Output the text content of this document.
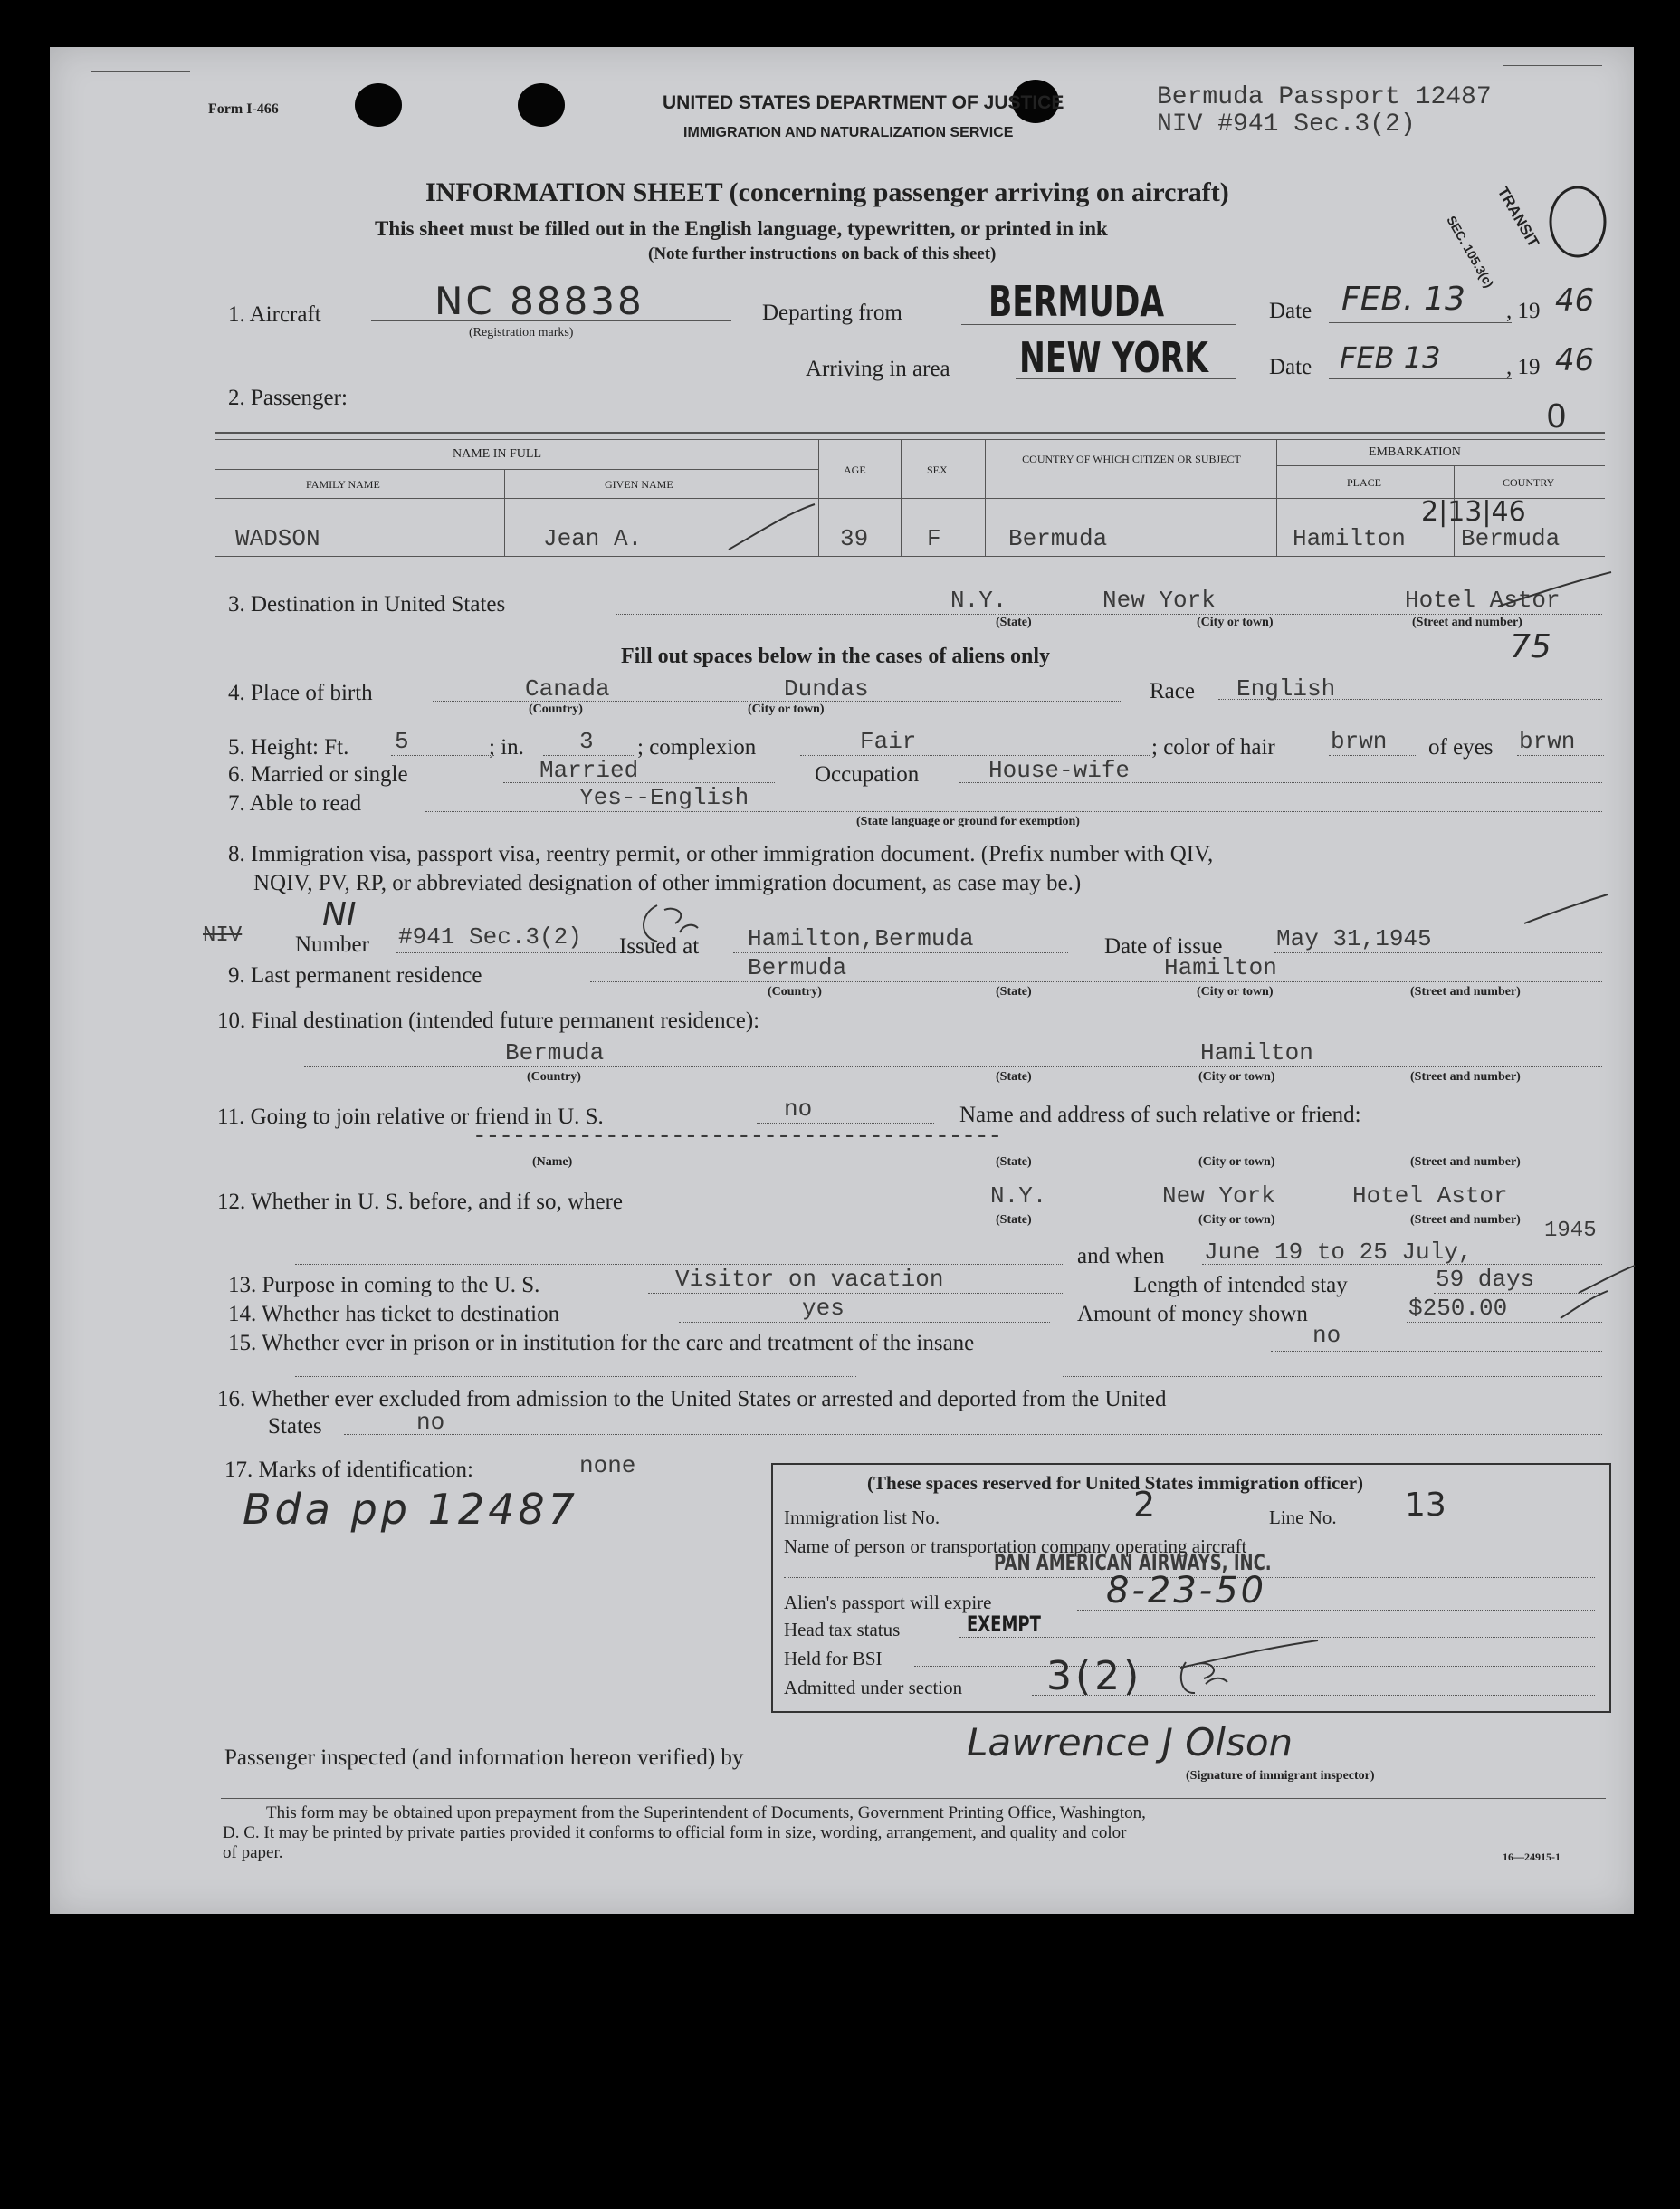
Form I-466	UNITED STATES DEPARTMENT OF JUSTICE
IMMIGRATION AND NATURALIZATION SERVICE
Bermuda Passport 12487
NIV #941 Sec.3(2)
INFORMATION SHEET (concerning passenger arriving on aircraft)
This sheet must be filled out in the English language, typewritten, or printed in ink
(Note further instructions on back of this sheet)
TRANSIT
SEC. 105.3(c)
1. Aircraft	NC 88838
(Registration marks)
Departing from BERMUDA	Date FEB. 13 , 19 46
Arriving in area NEW YORK	Date FEB 13	, 19 46
2. Passenger:
0
NAME IN FULL
FAMILY NAME	GIVEN NAME
AGE	SEX
COUNTRY OF WHICH CITIZEN OR SUBJECT	EMBARKATION
PLACE	COUNTRY
WADSON	Jean A.	39 F	Bermuda	Hamilton Bermuda
2|13|46
3. Destination in United States	N.Y.	New York	Hotel Astor
(State)	(City or town)	(Street and number)
75
Fill out spaces below in the cases of aliens only
4. Place of birth	Canada	Dundas
(Country)	(City or town)
Race English
5. Height: Ft. 5	; in. 3 ; complexion	Fair	; color of hair brwn of eyes brwn
6. Married or single	Married	Occupation	House-wife
7. Able to read	Yes--English
(State language or ground for exemption)
8. Immigration visa, passport visa, reentry permit, or other immigration document. (Prefix number with QIV,
NQIV, PV, RP, or abbreviated designation of other immigration document, as case may be.)
NIV
NI
Number #941 Sec.3(2) Issued at Hamilton,Bermuda	Date of issue May 31,1945
9. Last permanent residence	Bermuda	Hamilton
(Country)	(State)	(City or town)	(Street and number)
10. Final destination (intended future permanent residence):
Bermuda	Hamilton
(Country)	(State)	(City or town)	(Street and number)
11. Going to join relative or friend in U. S.	no	Name and address of such relative or friend:
----------------------------------------
(Name)	(State)	(City or town)	(Street and number)
12. Whether in U. S. before, and if so, where	N.Y.	New York	Hotel Astor
(State)	(City or town)	(Street and number)
and when June 19 to 25 July,
1945
13. Purpose in coming to the U. S.	Visitor on vacation	Length of intended stay	59 days
14. Whether has ticket to destination	yes	Amount of money shown	$250.00
15. Whether ever in prison or in institution for the care and treatment of the insane	no
16. Whether ever excluded from admission to the United States or arrested and deported from the United
States	no
17. Marks of identification:	none
Bda pp 12487
(These spaces reserved for United States immigration officer)
Immigration list No.	2	Line No. 13
Name of person or transportation company operating aircraft
PAN AMERICAN AIRWAYS, INC.
Alien's passport will expire	8-23-50
Head tax status	EXEMPT
Held for BSI
Admitted under section 3(2)
Passenger inspected (and information hereon verified) by	Lawrence J Olson
(Signature of immigrant inspector)
This form may be obtained upon prepayment from the Superintendent of Documents, Government Printing Office, Washington,
D. C. It may be printed by private parties provided it conforms to official form in size, wording, arrangement, and quality and color
of paper.	16—24915-1
